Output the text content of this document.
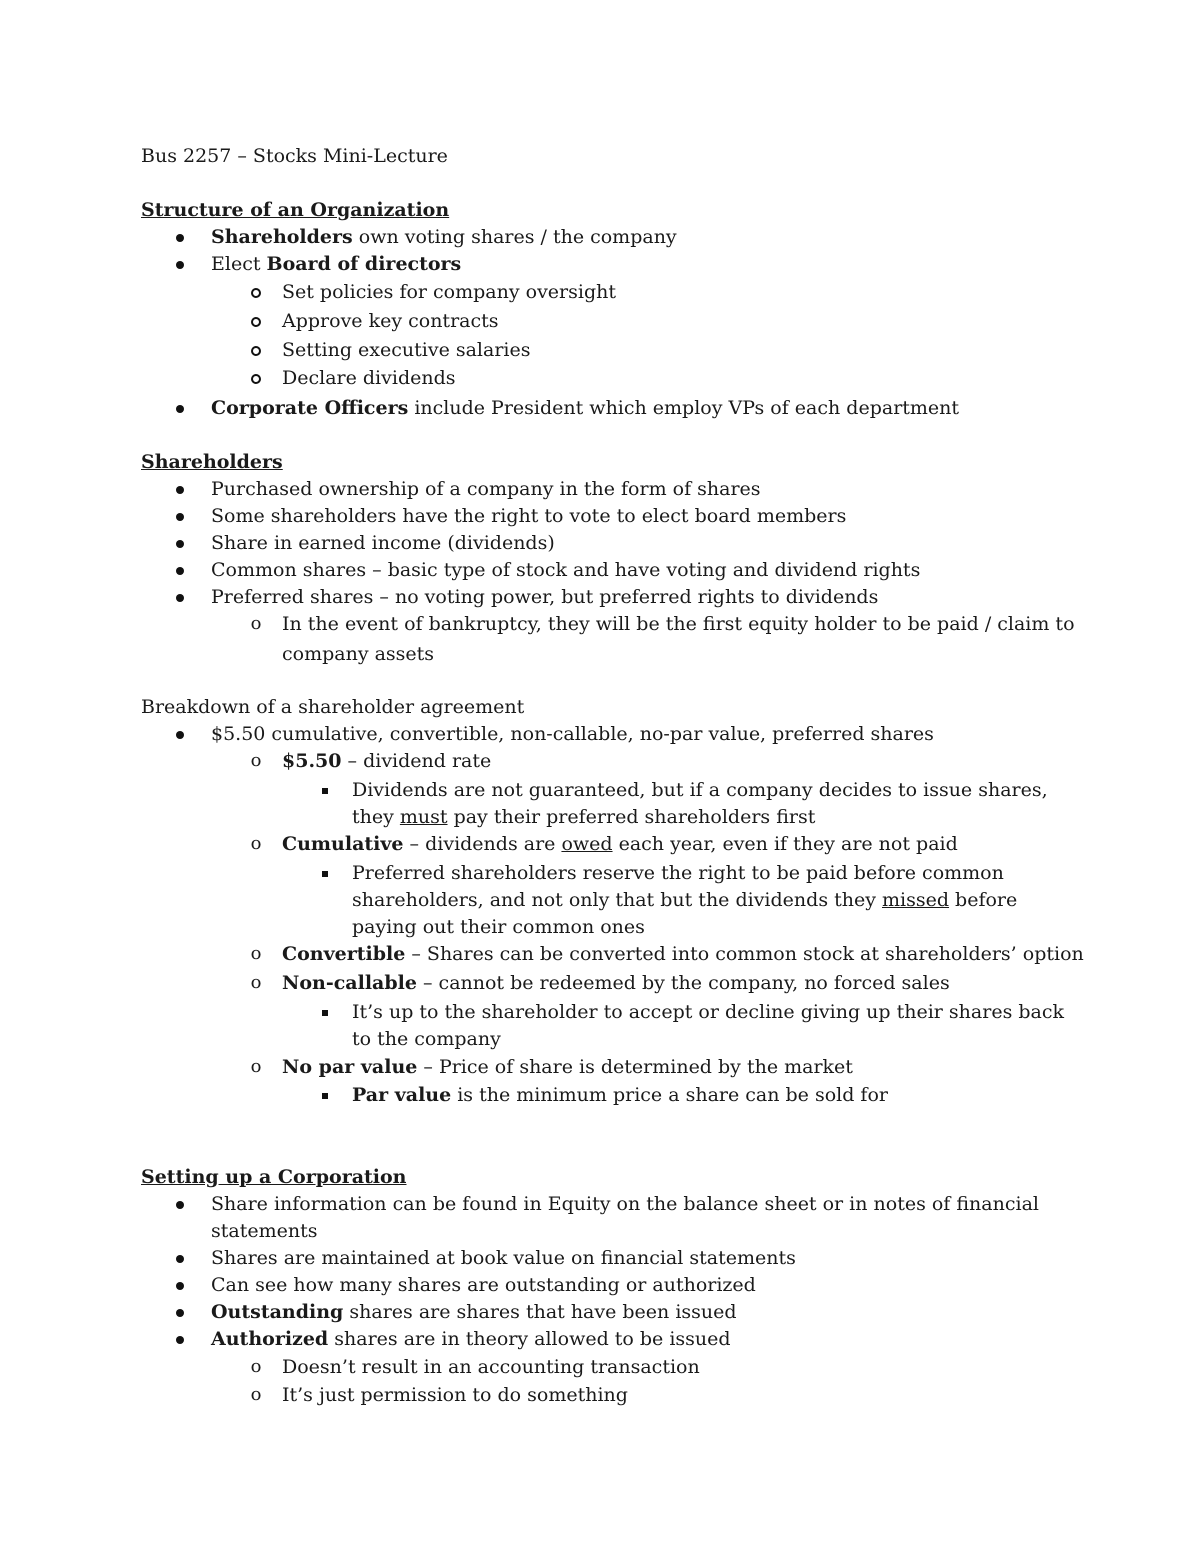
Bus 2257 – Stocks Mini-Lecture
Structure of an Organization
Shareholders own voting shares / the company
Elect Board of directors
Set policies for company oversight
Approve key contracts
Setting executive salaries
Declare dividends
Corporate Officers include President which employ VPs of each department
Shareholders
Purchased ownership of a company in the form of shares
Some shareholders have the right to vote to elect board members
Share in earned income (dividends)
Common shares – basic type of stock and have voting and dividend rights
Preferred shares – no voting power, but preferred rights to dividends
o	In the event of bankruptcy, they will be the first equity holder to be paid / claim to
company assets
Breakdown of a shareholder agreement
$5.50 cumulative, convertible, non-callable, no-par value, preferred shares
o	$5.50 – dividend rate
Dividends are not guaranteed, but if a company decides to issue shares,
they must pay their preferred shareholders first
o	Cumulative – dividends are owed each year, even if they are not paid
Preferred shareholders reserve the right to be paid before common
shareholders, and not only that but the dividends they missed before
paying out their common ones
o	Convertible – Shares can be converted into common stock at shareholders’ option
o	Non-callable – cannot be redeemed by the company, no forced sales
It’s up to the shareholder to accept or decline giving up their shares back
to the company
o	No par value – Price of share is determined by the market
Par value is the minimum price a share can be sold for
Setting up a Corporation
Share information can be found in Equity on the balance sheet or in notes of financial
statements
Shares are maintained at book value on financial statements
Can see how many shares are outstanding or authorized
Outstanding shares are shares that have been issued
Authorized shares are in theory allowed to be issued
o	Doesn’t result in an accounting transaction
o	It’s just permission to do something
